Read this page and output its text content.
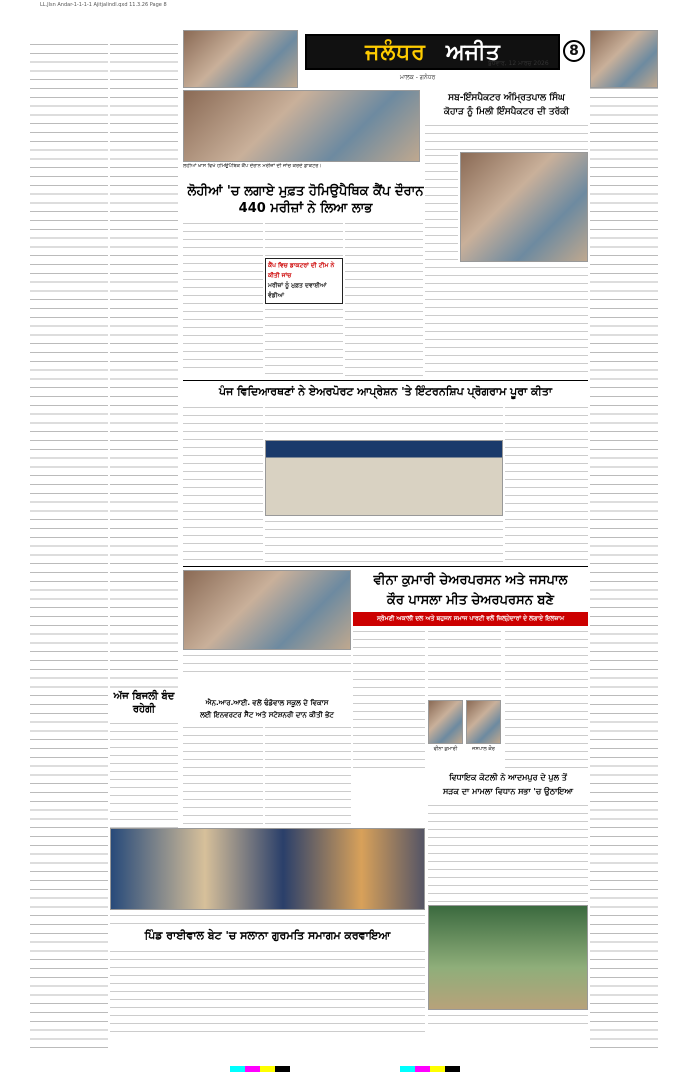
LL.Jlsn Andar-1-1-1-1 Ajitjalindl.qxd 11.3.26 Page 8
ਜਲੰਧਰ ਅਜੀਤ	8
ਬੁੱਧਵਾਰ, 12 ਮਾਰਚ 2026
ਮਾਲਕ - ਗਨੰਧਰ
ਲੋਹੀਆਂ ਖ਼ਾਸ ਵਿਖੇ ਹੋਮਿਉਪੈਥਿਕ ਕੈਂਪ ਦੌਰਾਨ ਮਰੀਜ਼ਾਂ ਦੀ ਜਾਂਚ ਕਰਦੇ ਡਾਕਟਰ।
ਲੋਹੀਆਂ 'ਚ ਲਗਾਏ ਮੁਫ਼ਤ ਹੋਮਿਉਪੈਥਿਕ ਕੈਂਪ ਦੌਰਾਨ 440 ਮਰੀਜ਼ਾਂ ਨੇ ਲਿਆ ਲਾਭ
ਕੈਂਪ ਵਿਚ ਡਾਕਟਰਾਂ ਦੀ ਟੀਮ ਨੇ ਕੀਤੀ ਜਾਂਚ
ਮਰੀਜ਼ਾਂ ਨੂੰ ਮੁਫ਼ਤ ਦਵਾਈਆਂ ਵੰਡੀਆਂ
ਸਬ-ਇੰਸਪੈਕਟਰ ਅੰਮ੍ਰਿਤਪਾਲ ਸਿੰਘ
ਕੋਹਾੜ ਨੂੰ ਮਿਲੀ ਇੰਸਪੈਕਟਰ ਦੀ ਤਰੱਕੀ
ਪੰਜ ਵਿਦਿਆਰਥਣਾਂ ਨੇ ਏਅਰਪੋਰਟ ਆਪ੍ਰੇਸ਼ਨ 'ਤੇ ਇੰਟਰਨਸ਼ਿਪ ਪ੍ਰੋਗਰਾਮ ਪੂਰਾ ਕੀਤਾ
ਵੀਨਾ ਕੁਮਾਰੀ ਚੇਅਰਪਰਸਨ ਅਤੇ ਜਸਪਾਲ
ਕੌਰ ਪਾਸਲਾ ਮੀਤ ਚੇਅਰਪਰਸਨ ਬਣੇ
ਸ੍ਰੋਮਣੀ ਅਕਾਲੀ ਦਲ ਅਤੇ ਬਹੁਜਨ ਸਮਾਜ ਪਾਰਟੀ ਵਲੋਂ ਜ਼ਿਲ੍ਹੇਦਾਰਾਂ ਦੇ ਲਗਾਏ ਇਲਜ਼ਾਮ
ਵੀਨਾ ਕੁਮਾਰੀ	ਜਸਪਾਲ ਕੌਰ
ਅੱਜ ਬਿਜਲੀ ਬੰਦ ਰਹੇਗੀ
ਐਨ.ਆਰ.ਆਈ. ਵਲੋਂ ਢੰਡੋਵਾਲ ਸਕੂਲ ਦੇ ਵਿਕਾਸ
ਲਈ ਇਨਵਰਟਰ ਸੈੱਟ ਅਤੇ ਸਟੇਸ਼ਨਰੀ ਦਾਨ ਕੀਤੀ ਭੇਟ
ਵਿਧਾਇਕ ਕੋਟਲੀ ਨੇ ਆਦਮਪੁਰ ਦੇ ਪੁਲ ਤੋਂ
ਸੜਕ ਦਾ ਮਾਮਲਾ ਵਿਧਾਨ ਸਭਾ 'ਚ ਉਠਾਇਆ
ਪਿੰਡ ਰਾਈਵਾਲ ਬੇਟ 'ਚ ਸਲਾਨਾ ਗੁਰਮਤਿ ਸਮਾਗਮ ਕਰਵਾਇਆ
